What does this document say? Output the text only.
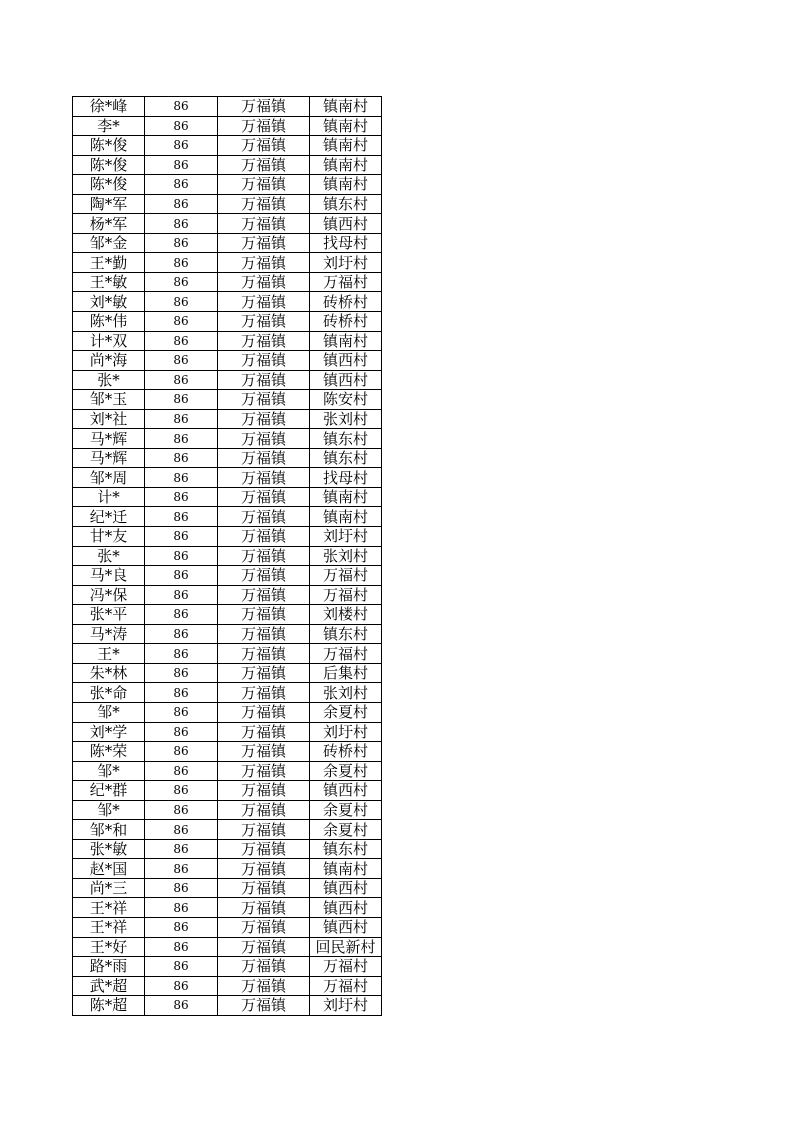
徐*峰	86	万福镇	镇南村
李*	86	万福镇	镇南村
陈*俊	86	万福镇	镇南村
陈*俊	86	万福镇	镇南村
陈*俊	86	万福镇	镇南村
陶*军	86	万福镇	镇东村
杨*军	86	万福镇	镇西村
邹*金	86	万福镇	找母村
王*勤	86	万福镇	刘圩村
王*敏	86	万福镇	万福村
刘*敏	86	万福镇	砖桥村
陈*伟	86	万福镇	砖桥村
计*双	86	万福镇	镇南村
尚*海	86	万福镇	镇西村
张*	86	万福镇	镇西村
邹*玉	86	万福镇	陈安村
刘*社	86	万福镇	张刘村
马*辉	86	万福镇	镇东村
马*辉	86	万福镇	镇东村
邹*周	86	万福镇	找母村
计*	86	万福镇	镇南村
纪*迁	86	万福镇	镇南村
甘*友	86	万福镇	刘圩村
张*	86	万福镇	张刘村
马*良	86	万福镇	万福村
冯*保	86	万福镇	万福村
张*平	86	万福镇	刘楼村
马*涛	86	万福镇	镇东村
王*	86	万福镇	万福村
朱*林	86	万福镇	后集村
张*命	86	万福镇	张刘村
邹*	86	万福镇	余夏村
刘*学	86	万福镇	刘圩村
陈*荣	86	万福镇	砖桥村
邹*	86	万福镇	余夏村
纪*群	86	万福镇	镇西村
邹*	86	万福镇	余夏村
邹*和	86	万福镇	余夏村
张*敏	86	万福镇	镇东村
赵*国	86	万福镇	镇南村
尚*三	86	万福镇	镇西村
王*祥	86	万福镇	镇西村
王*祥	86	万福镇	镇西村
王*好	86	万福镇	回民新村
路*雨	86	万福镇	万福村
武*超	86	万福镇	万福村
陈*超	86	万福镇	刘圩村
